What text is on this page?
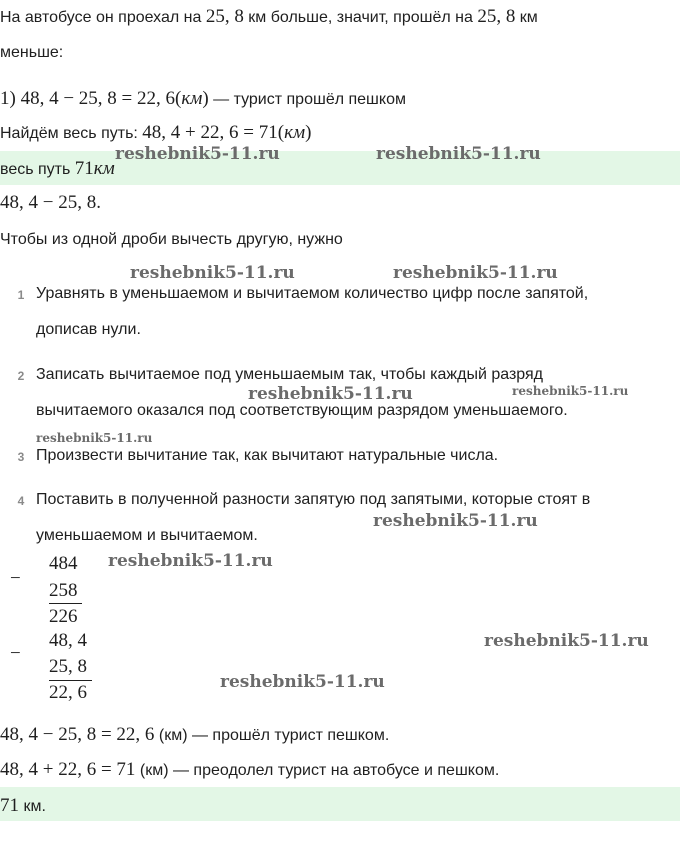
На автобусе он проехал на 25, 8 км больше, значит, прошёл на 25, 8 км
меньше:
1) 48, 4 − 25, 8 = 22, 6(км) — турист прошёл пешком
Найдём весь путь: 48, 4 + 22, 6 = 71(км)
весь путь 71км
48, 4 − 25, 8.
Чтобы из одной дроби вычесть другую, нужно
1 Уравнять в уменьшаемом и вычитаемом количество цифр после запятой,
дописав нули.
2 Записать вычитаемое под уменьшаемым так, чтобы каждый разряд
вычитаемого оказался под соответствующим разрядом уменьшаемого.
3 Произвести вычитание так, как вычитают натуральные числа.
4 Поставить в полученной разности запятую под запятыми, которые стоят в
уменьшаемом и вычитаемом.
−
484
258
226
−
48, 4
25, 8
22, 6
48, 4 − 25, 8 = 22, 6 (км) — прошёл турист пешком.
48, 4 + 22, 6 = 71 (км) — преодолел турист на автобусе и пешком.
71 км.
reshebnik5-11.ru	reshebnik5-11.ru
reshebnik5-11.ru	reshebnik5-11.ru
reshebnik5-11.ru	reshebnik5-11.ru
reshebnik5-11.ru
reshebnik5-11.ru
reshebnik5-11.ru
reshebnik5-11.ru
reshebnik5-11.ru
